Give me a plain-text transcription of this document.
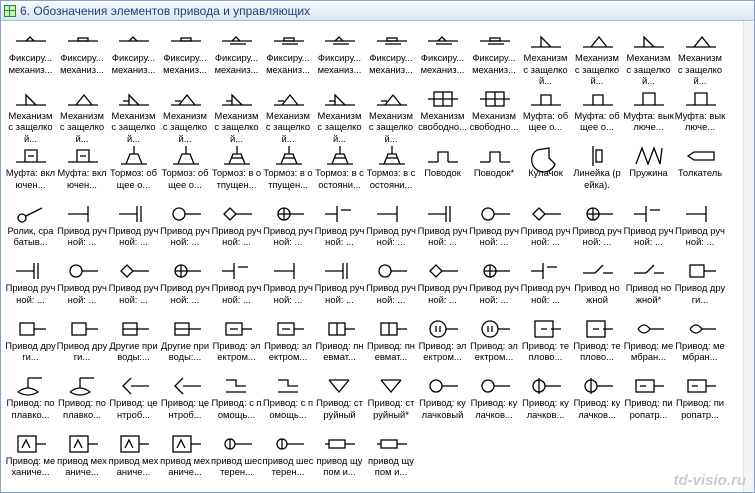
6. Обозначения элементов привода и управляющих
Фиксиру... механиз...
Фиксиру... механиз...
Фиксиру... механиз...
Фиксиру... механиз...
Фиксиру... механиз...
Фиксиру... механиз...
Фиксиру... механиз...
Фиксиру... механиз...
Фиксиру... механиз...
Фиксиру... механиз...
Механизм с защелкой...
Механизм с защелкой...
Механизм с защелкой...
Механизм с защелкой...
Механизм с защелкой...
Механизм с защелкой...
Механизм с защелкой...
Механизм с защелкой...
Механизм с защелкой...
Механизм с защелкой...
Механизм с защелкой...
Механизм с защелкой...
Механизм свободно...
Механизм свободно...
Муфта: общее о...
Муфта: общее о...
Муфта: выключе...
Муфта: выключе...
Муфта: включен...
Муфта: включен...
Тормоз: общее о...
Тормоз: общее о...
Тормоз: в отпущен...
Тормоз: в отпущен...
Тормоз: в состояни...
Тормоз: в состояни...
Поводок	Поводок*	Кулачок	Линейка (рейка).
Пружина	Толкатель
Ролик, срабатыв...
Привод ручной: ...
Привод ручной: ...
Привод ручной: ...
Привод ручной: ...
Привод ручной: ...
Привод ручной: ...
Привод ручной: ...
Привод ручной: ...
Привод ручной: ...
Привод ручной: ...
Привод ручной: ...
Привод ручной: ...
Привод ручной: ...
Привод ручной: ...
Привод ручной: ...
Привод ручной: ...
Привод ручной: ...
Привод ручной: ...
Привод ручной: ...
Привод ручной: ...
Привод ручной: ...
Привод ручной: ...
Привод ручной: ...
Привод ручной: ...
Привод ножной
Привод ножной*
Привод други...
Привод други...
Привод други...
Другие приводы:...
Другие приводы:...
Привод: электром...
Привод: электром...
Привод: пневмат...
Привод: пневмат...
Привод: электром...
Привод: электром...
Привод: теплово...
Привод: теплово...
Привод: мембран...
Привод: мембран...
Привод: поплавко...
Привод: поплавко...
Привод: центроб...
Привод: центроб...
Привод: с помощь...
Привод: с помощь...
Привод: струйный
Привод: струйный*
Привод: кулачковый
Привод: кулачков...
Привод: кулачков...
Привод: кулачков...
Привод: пиропатр...
Привод: пиропатр...
Привод: механиче...
привод механиче...
привод механиче...
привод механиче...
привод шестерен...
привод шестерен...
привод щупом и...
привод щупом и...
td-visio.ru
